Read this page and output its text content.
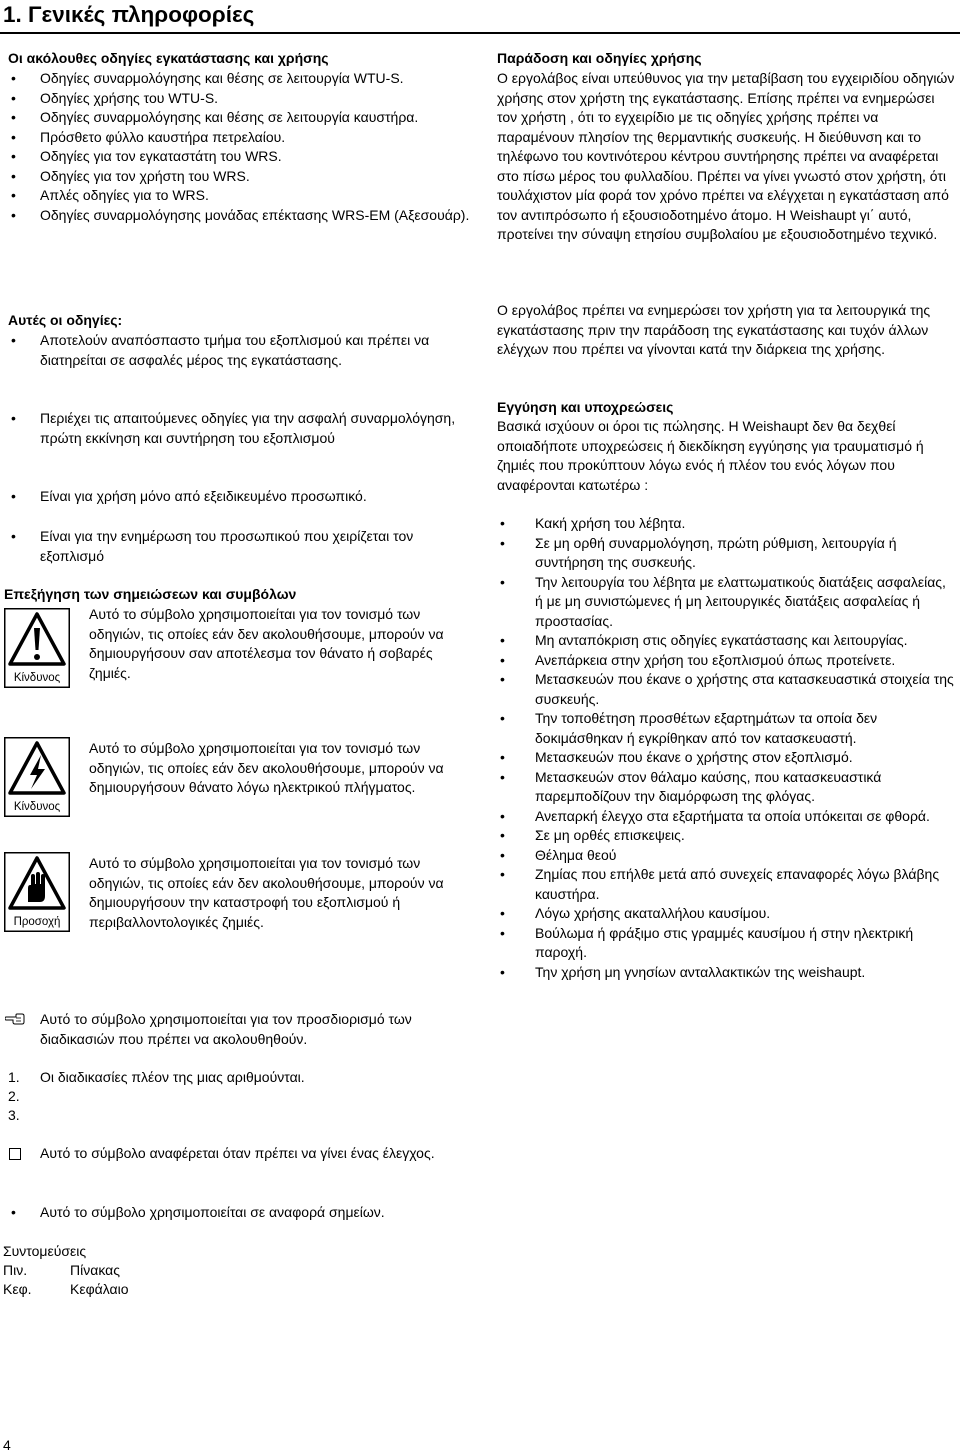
1. Γενικές πληροφορίες
Οι ακόλουθες οδηγίες εγκατάστασης και χρήσης
• Οδηγίες συναρμολόγησης και θέσης σε λειτουργία WTU-S.
• Οδηγίες χρήσης του WTU-S.
• Οδηγίες συναρμολόγησης και θέσης σε λειτουργία καυστήρα.
• Πρόσθετο φύλλο καυστήρα πετρελαίου.
• Οδηγίες για τον εγκαταστάτη του WRS.
• Οδηγίες για τον χρήστη του WRS.
• Απλές οδηγίες για το WRS.
• Οδηγίες συναρμολόγησης μονάδας επέκτασης WRS-EM (Αξεσουάρ).
Αυτές οι οδηγίες:
• Αποτελούν αναπόσπαστο τμήμα του εξοπλισμού και πρέπει να διατηρείται σε ασφαλές μέρος της εγκατάστασης.
• Περιέχει τις απαιτούμενες οδηγίες για την ασφαλή συναρμολόγηση, πρώτη εκκίνηση και συντήρηση του εξοπλισμού
• Είναι για χρήση μόνο από εξειδικευμένο προσωπικό.
• Είναι για την ενημέρωση του προσωπικού που χειρίζεται τον εξοπλισμό
Επεξήγηση των σημειώσεων και συμβόλων
Κίνδυνος
Αυτό το σύμβολο χρησιμοποιείται για τον τονισμό των οδηγιών, τις οποίες εάν δεν ακολουθήσουμε, μπορούν να δημιουργήσουν σαν αποτέλεσμα τον θάνατο ή σοβαρές ζημιές.
Κίνδυνος
Αυτό το σύμβολο χρησιμοποιείται για τον τονισμό των οδηγιών, τις οποίες εάν δεν ακολουθήσουμε, μπορούν να δημιουργήσουν θάνατο λόγω ηλεκτρικού πλήγματος.
Προσοχή
Αυτό το σύμβολο χρησιμοποιείται για τον τονισμό των οδηγιών, τις οποίες εάν δεν ακολουθήσουμε, μπορούν να δημιουργήσουν την καταστροφή του εξοπλισμού ή περιβαλλοντολογικές ζημιές.
Αυτό το σύμβολο χρησιμοποιείται για τον προσδιορισμό των διαδικασιών που πρέπει να ακολουθηθούν.
1.
2.
3.
Οι διαδικασίες πλέον της μιας αριθμούνται.
Αυτό το σύμβολο αναφέρεται όταν πρέπει να γίνει ένας έλεγχος.
• Αυτό το σύμβολο χρησιμοποιείται σε αναφορά σημείων.
Συντομεύσεις
Πιν.	Πίνακας
Κεφ.	Κεφάλαιο
4
Παράδοση και οδηγίες χρήσης
Ο εργολάβος είναι υπεύθυνος για την μεταβίβαση του εγχειριδίου οδηγιών χρήσης στον χρήστη της εγκατάστασης. Επίσης πρέπει να ενημερώσει τον χρήστη , ότι το εγχειρίδιο με τις οδηγίες χρήσης πρέπει να παραμένουν πλησίον της θερμαντικής συσκευής. Η διεύθυνση και το τηλέφωνο του κοντινότερου κέντρου συντήρησης πρέπει να αναφέρεται στο πίσω μέρος του φυλλαδίου. Πρέπει να γίνει γνωστό στον χρήστη, ότι τουλάχιστον μία φορά τον χρόνο πρέπει να ελέγχεται η εγκατάσταση από τον αντιπρόσωπο ή εξουσιοδοτημένο άτομο. Η Weishaupt γι΄ αυτό, προτείνει την σύναψη ετησίου συμβολαίου με εξουσιοδοτημένο τεχνικό.
Ο εργολάβος πρέπει να ενημερώσει τον χρήστη για τα λειτουργικά της εγκατάστασης πριν την παράδοση της εγκατάστασης και τυχόν άλλων ελέγχων που πρέπει να γίνονται κατά την διάρκεια της χρήσης.
Εγγύηση και υποχρεώσεις
Βασικά ισχύουν οι όροι τις πώλησης. Η Weishaupt δεν θα δεχθεί οποιαδήποτε υποχρεώσεις ή διεκδίκηση εγγύησης για τραυματισμό ή ζημιές που προκύπτουν λόγω ενός ή πλέον του ενός λόγων που αναφέρονται κατωτέρω :
• Κακή χρήση του λέβητα.
• Σε μη ορθή συναρμολόγηση, πρώτη ρύθμιση, λειτουργία ή συντήρηση της συσκευής.
• Την λειτουργία του λέβητα με ελαττωματικούς διατάξεις ασφαλείας, ή με μη συνιστώμενες ή μη λειτουργικές διατάξεις ασφαλείας ή προστασίας.
• Μη ανταπόκριση στις οδηγίες εγκατάστασης και λειτουργίας.
• Ανεπάρκεια στην χρήση του εξοπλισμού όπως προτείνετε.
• Μετασκευών που έκανε ο χρήστης στα κατασκευαστικά στοιχεία της συσκευής.
• Την τοποθέτηση προσθέτων εξαρτημάτων τα οποία δεν δοκιμάσθηκαν ή εγκρίθηκαν από τον κατασκευαστή.
• Μετασκευών που έκανε ο χρήστης στον εξοπλισμό.
• Μετασκευών στον θάλαμο καύσης, που κατασκευαστικά παρεμποδίζουν την διαμόρφωση της φλόγας.
• Ανεπαρκή έλεγχο στα εξαρτήματα τα οποία υπόκειται σε φθορά.
• Σε μη ορθές επισκεψεις.
• Θέλημα θεού
• Ζημίας που επήλθε μετά από συνεχείς επαναφορές λόγω βλάβης καυστήρα.
• Λόγω χρήσης ακαταλλήλου καυσίμου.
• Βούλωμα ή φράξιμο στις γραμμές καυσίμου ή στην ηλεκτρική παροχή.
• Την χρήση μη γνησίων ανταλλακτικών της weishaupt.
